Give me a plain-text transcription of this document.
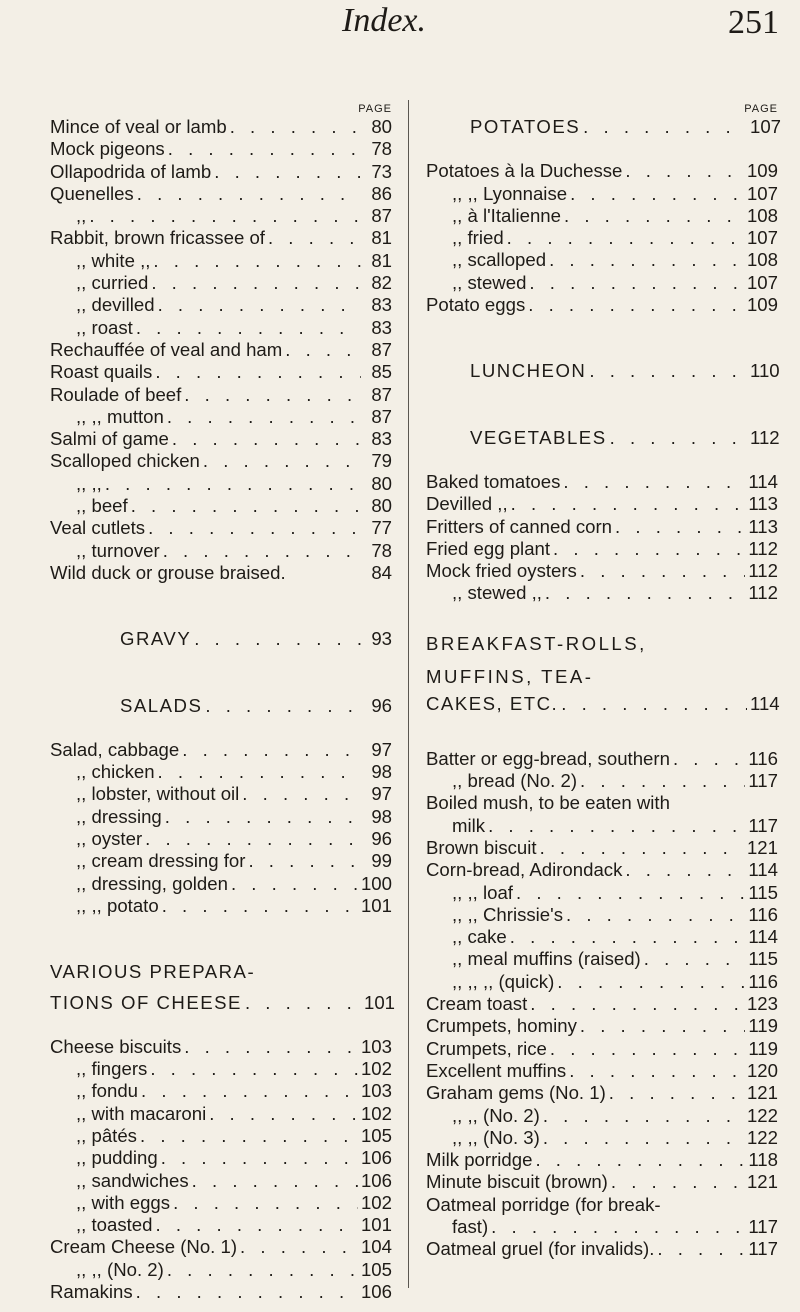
Index.	251
PAGE
Mince of veal or lamb . . .	80
Mock pigeons . . .	78
Ollapodrida of lamb . . .	73
Quenelles . . .	86
,, . . .	87
Rabbit, brown fricassee of . . .	81
,, white ,, . . .	81
,, curried . . .	82
,, devilled . . .	83
,, roast . . .	83
Rechauffée of veal and ham . . .	87
Roast quails . . .	85
Roulade of beef . . .	87
,, ,, mutton . . .	87
Salmi of game . . .	83
Scalloped chicken . . .	79
,, ,, . . .	80
,, beef . . .	80
Veal cutlets . . .	77
,, turnover . . .	78
Wild duck or grouse braised.	84
GRAVY . . .	93
SALADS . . .	96
Salad, cabbage . . .	97
,, chicken . . .	98
,, lobster, without oil . . .	97
,, dressing . . .	98
,, oyster . . .	96
,, cream dressing for . . .	99
,, dressing, golden . . .	100
,, ,, potato . . .	101
VARIOUS PREPARA-
TIONS OF CHEESE . . .	101
Cheese biscuits . . .	103
,, fingers . . .	102
,, fondu . . .	103
,, with macaroni . . .	102
,, pâtés . . .	105
,, pudding . . .	106
,, sandwiches . . .	106
,, with eggs . . .	102
,, toasted . . .	101
Cream Cheese (No. 1) . . .	104
,, ,, (No. 2) . . .	105
Ramakins . . .	106
PAGE
POTATOES . . .	107
Potatoes à la Duchesse . . .	109
,, ,, Lyonnaise . . .	107
,, à l'Italienne . . .	108
,, fried . . .	107
,, scalloped . . .	108
,, stewed . . .	107
Potato eggs . . .	109
LUNCHEON . . .	110
VEGETABLES . . .	112
Baked tomatoes . . .	114
Devilled ,, . . .	113
Fritters of canned corn . . .	113
Fried egg plant . . .	112
Mock fried oysters . . .	112
,, stewed ,, . . .	112
BREAKFAST-ROLLS,
MUFFINS, TEA-
CAKES, ETC. . . .	114
Batter or egg-bread, southern . . .	116
,, bread (No. 2) . . .	117
Boiled mush, to be eaten with
milk . . .	117
Brown biscuit . . .	121
Corn-bread, Adirondack . . .	114
,, ,, loaf . . .	115
,, ,, Chrissie's . . .	116
,, cake . . .	114
,, meal muffins (raised) . . .	115
,, ,, ,, (quick) . . .	116
Cream toast . . .	123
Crumpets, hominy . . .	119
Crumpets, rice . . .	119
Excellent muffins . . .	120
Graham gems (No. 1) . . .	121
,, ,, (No. 2) . . .	122
,, ,, (No. 3) . . .	122
Milk porridge . . .	118
Minute biscuit (brown) . . .	121
Oatmeal porridge (for break-
fast) . . .	117
Oatmeal gruel (for invalids). . . .	117
